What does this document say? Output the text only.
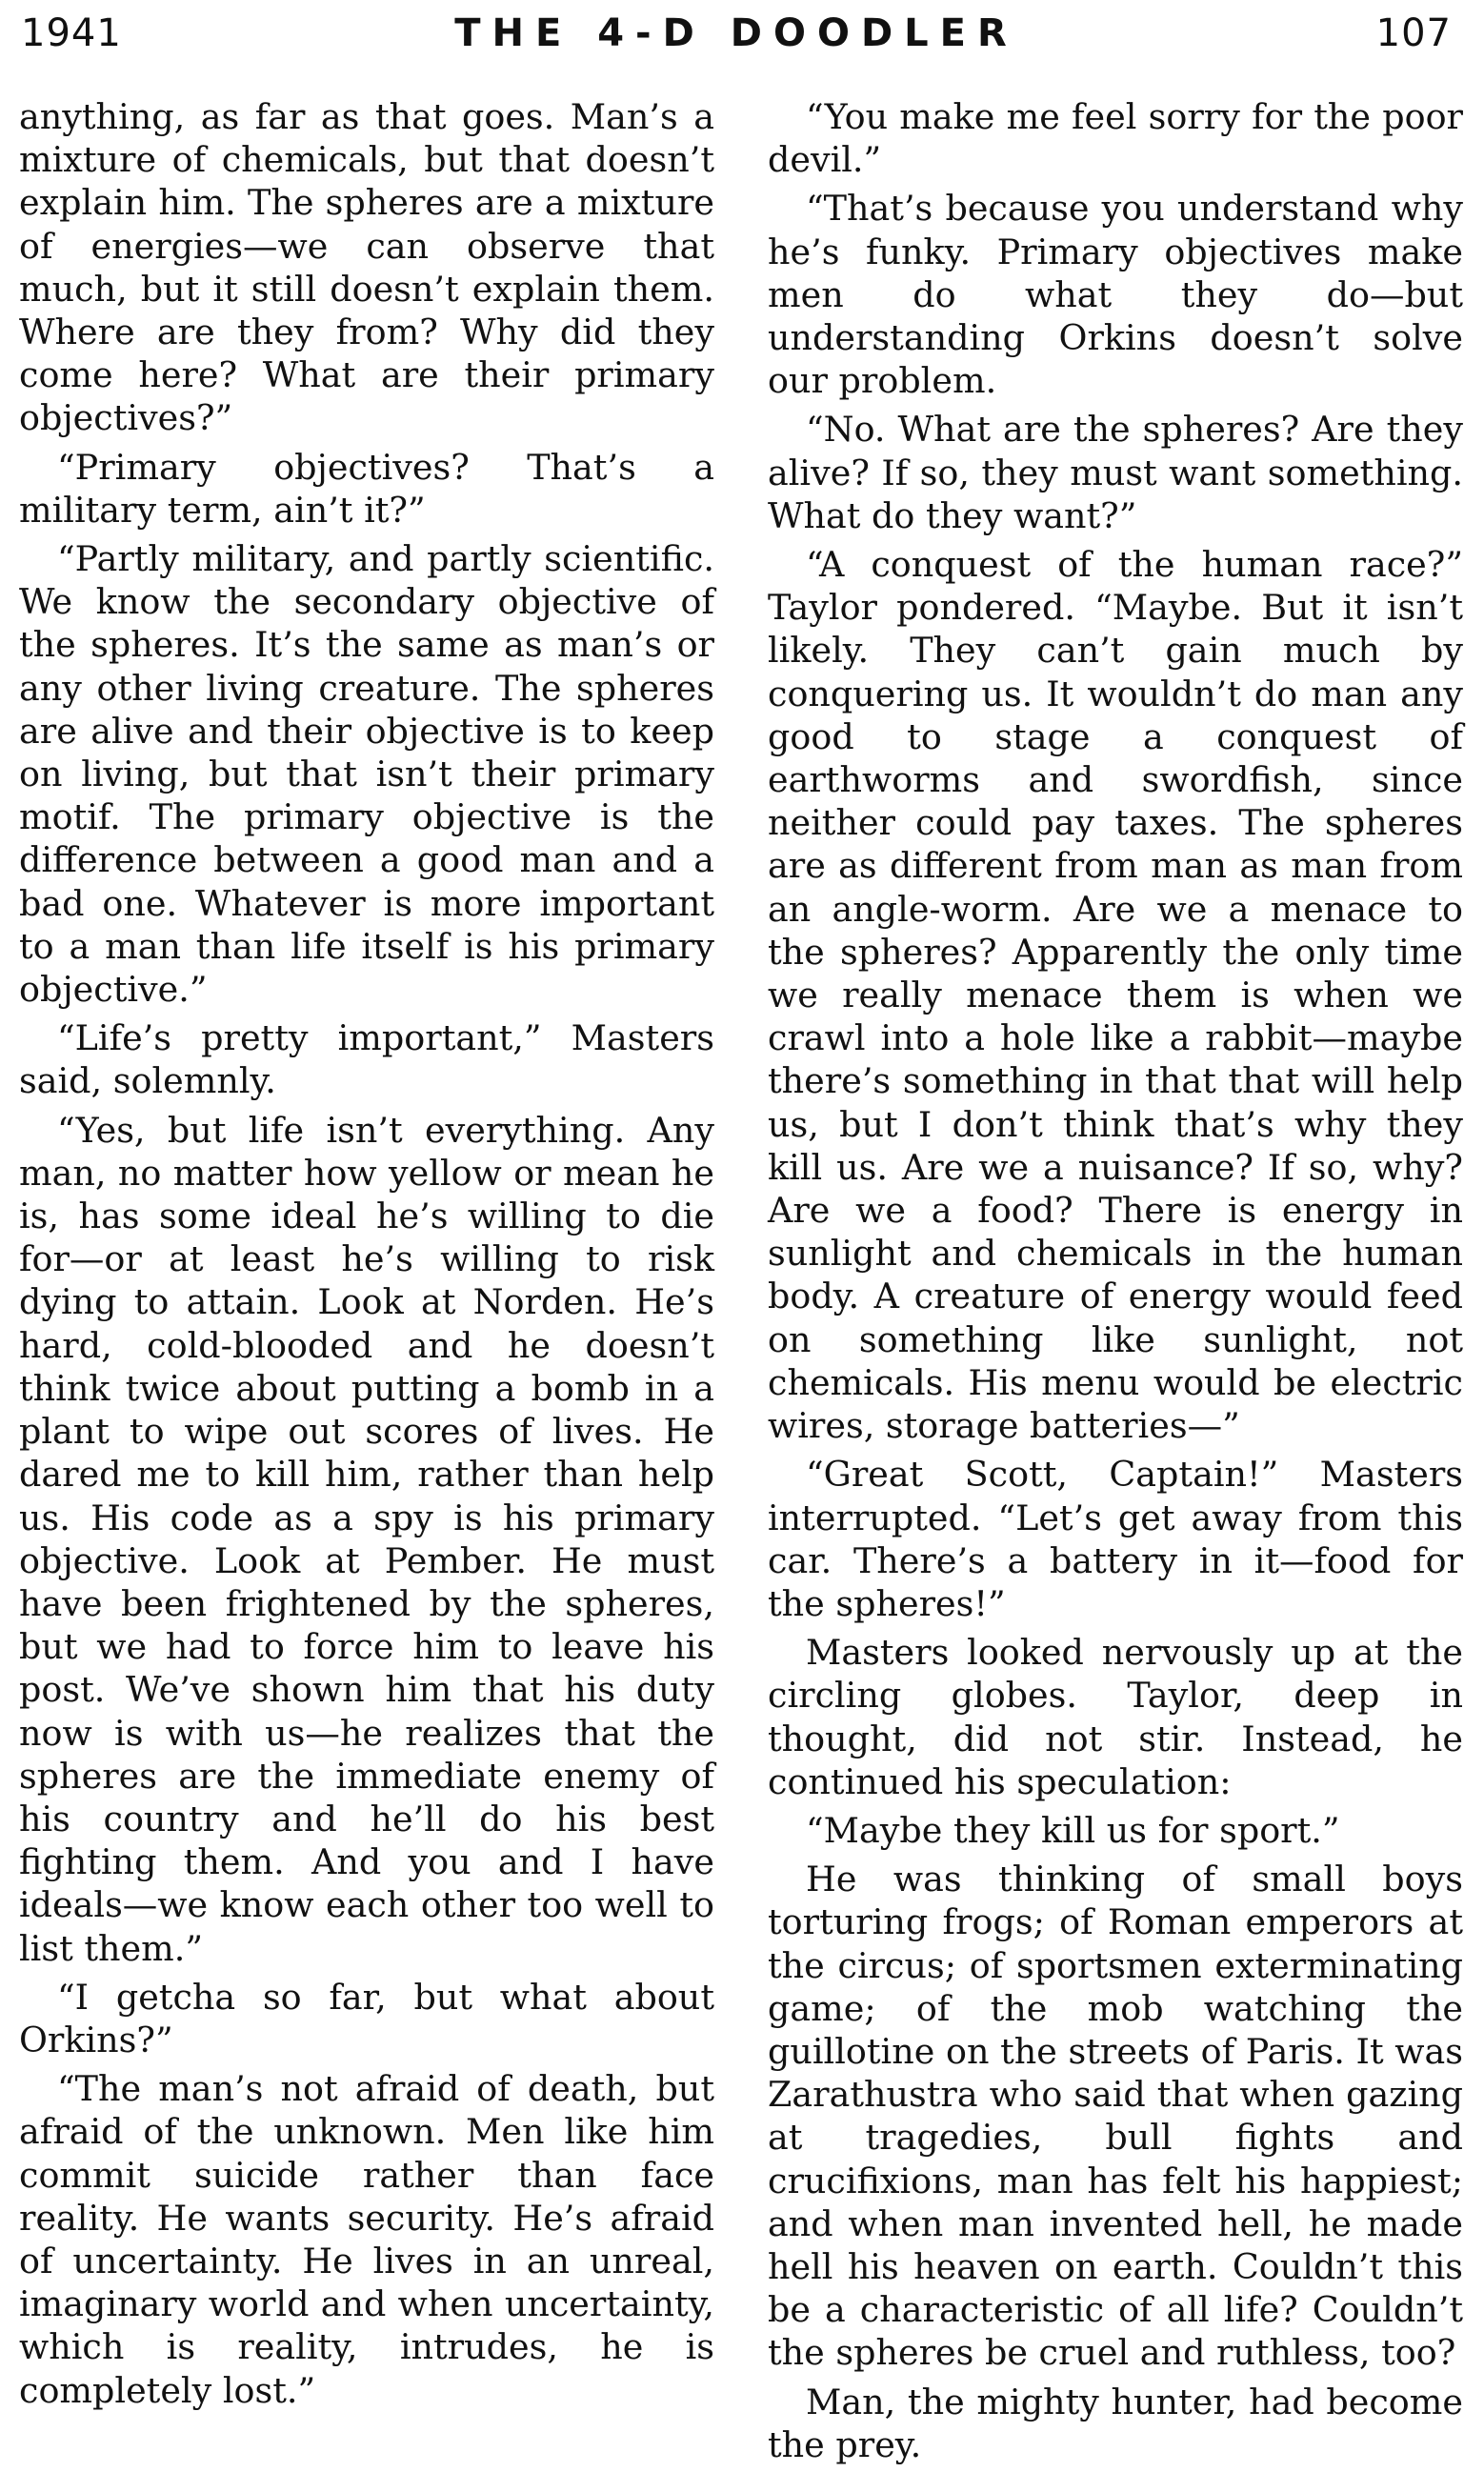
1941	THE 4-D DOODLER	107

anything, as far as that goes. Man’s a mixture of chemicals, but that doesn’t explain him. The spheres are a mixture of energies—we can observe that much, but it still doesn’t explain them. Where are they from? Why did they come here? What are their primary objectives?”

“Primary objectives? That’s a military term, ain’t it?”

“Partly military, and partly scientific. We know the secondary objective of the spheres. It’s the same as man’s or any other living creature. The spheres are alive and their objective is to keep on living, but that isn’t their primary motif. The primary objective is the difference between a good man and a bad one. Whatever is more important to a man than life itself is his primary objective.”

“Life’s pretty important,” Masters said, solemnly.

“Yes, but life isn’t everything. Any man, no matter how yellow or mean he is, has some ideal he’s willing to die for—or at least he’s willing to risk dying to attain. Look at Norden. He’s hard, cold-blooded and he doesn’t think twice about putting a bomb in a plant to wipe out scores of lives. He dared me to kill him, rather than help us. His code as a spy is his primary objective. Look at Pember. He must have been frightened by the spheres, but we had to force him to leave his post. We’ve shown him that his duty now is with us—he realizes that the spheres are the immediate enemy of his country and he’ll do his best fighting them. And you and I have ideals—we know each other too well to list them.”

“I getcha so far, but what about Orkins?”

“The man’s not afraid of death, but afraid of the unknown. Men like him commit suicide rather than face reality. He wants security. He’s afraid of uncertainty. He lives in an unreal, imaginary world and when uncertainty, which is reality, intrudes, he is completely lost.”

“You make me feel sorry for the poor devil.”

“That’s because you understand why he’s funky. Primary objectives make men do what they do—but understanding Orkins doesn’t solve our problem.

“No. What are the spheres? Are they alive? If so, they must want something. What do they want?”

“A conquest of the human race?” Taylor pondered. “Maybe. But it isn’t likely. They can’t gain much by conquering us. It wouldn’t do man any good to stage a conquest of earthworms and swordfish, since neither could pay taxes. The spheres are as different from man as man from an angle-worm. Are we a menace to the spheres? Apparently the only time we really menace them is when we crawl into a hole like a rabbit—maybe there’s something in that that will help us, but I don’t think that’s why they kill us. Are we a nuisance? If so, why? Are we a food? There is energy in sunlight and chemicals in the human body. A creature of energy would feed on something like sunlight, not chemicals. His menu would be electric wires, storage batteries—”

“Great Scott, Captain!” Masters interrupted. “Let’s get away from this car. There’s a battery in it—food for the spheres!”

Masters looked nervously up at the circling globes. Taylor, deep in thought, did not stir. Instead, he continued his speculation:

“Maybe they kill us for sport.”

He was thinking of small boys torturing frogs; of Roman emperors at the circus; of sportsmen exterminating game; of the mob watching the guillotine on the streets of Paris. It was Zarathustra who said that when gazing at tragedies, bull fights and crucifixions, man has felt his happiest; and when man invented hell, he made hell his heaven on earth. Couldn’t this be a characteristic of all life? Couldn’t the spheres be cruel and ruthless, too?

Man, the mighty hunter, had become the prey.
